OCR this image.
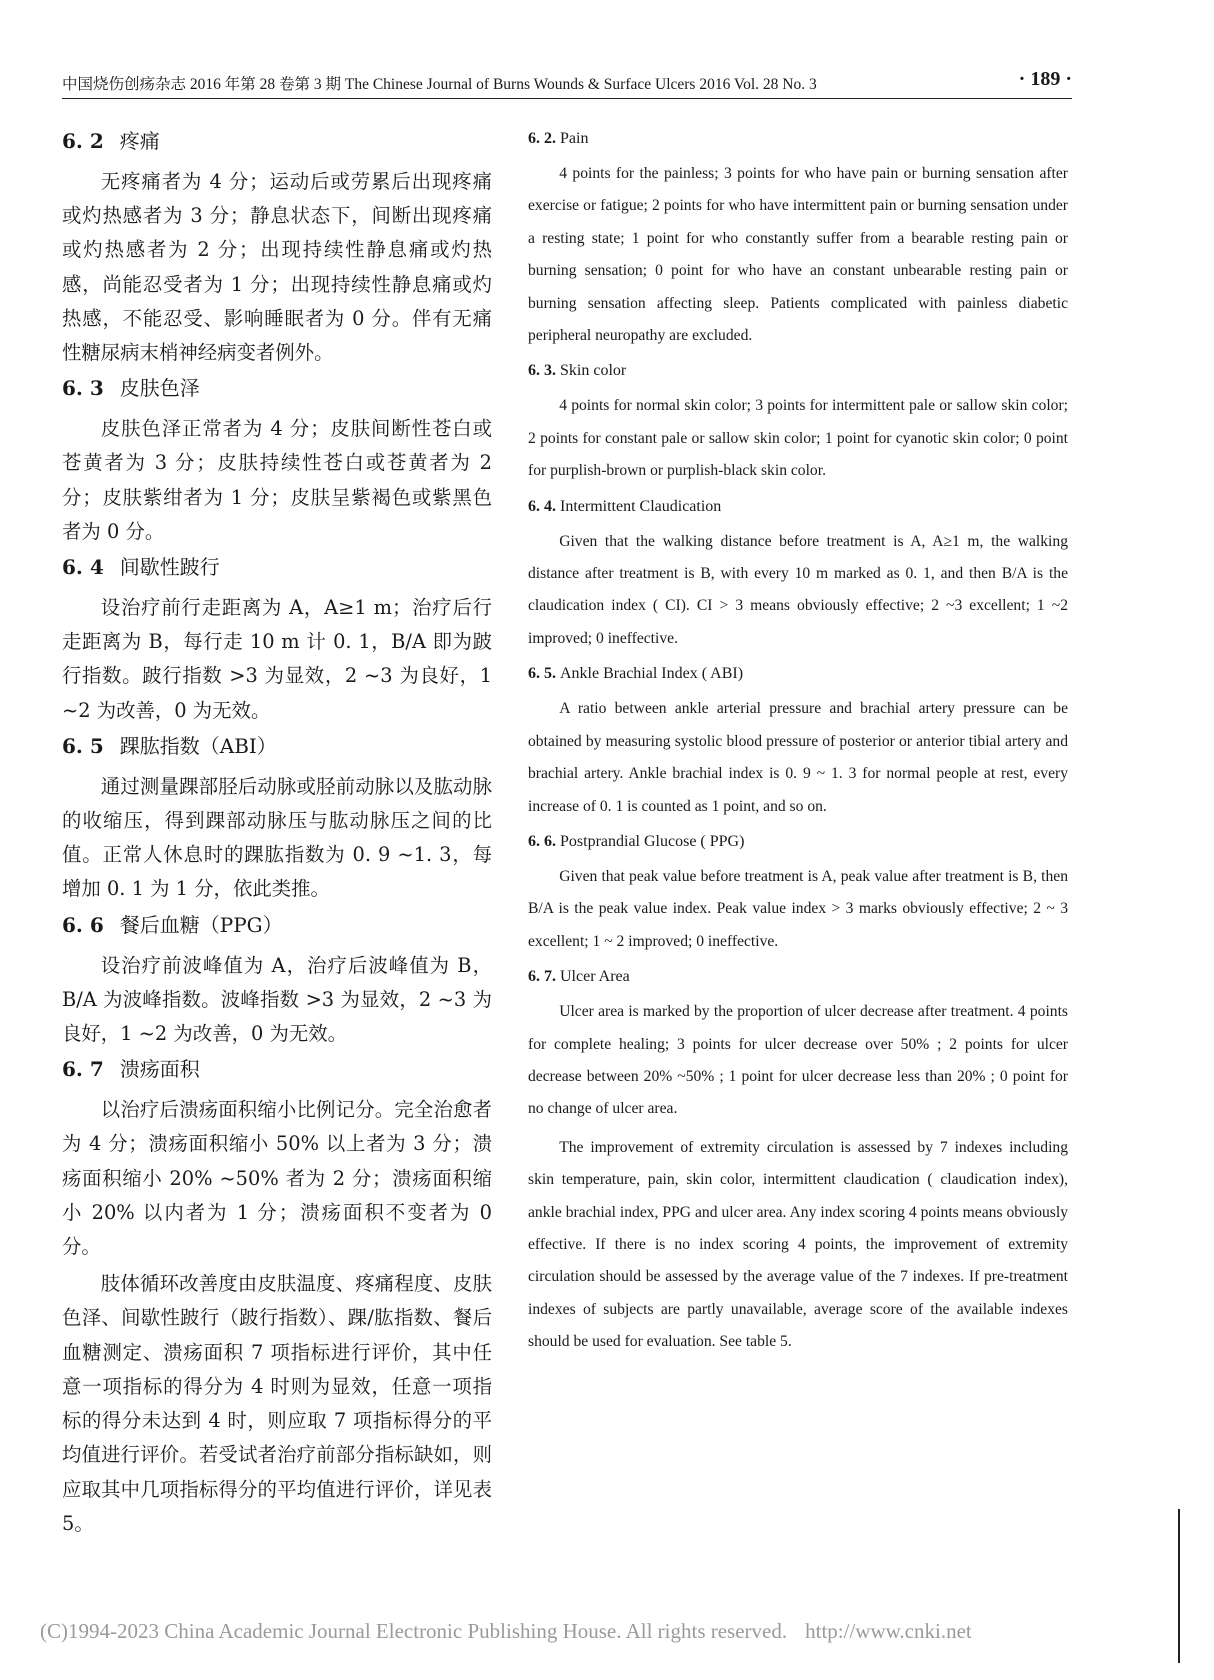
中国烧伤创疡杂志 2016 年第 28 卷第 3 期 The Chinese Journal of Burns Wounds & Surface Ulcers 2016 Vol. 28 No. 3	· 189 ·
6. 2 疼痛

无疼痛者为 4 分；运动后或劳累后出现疼痛或灼热感者为 3 分；静息状态下，间断出现疼痛或灼热感者为 2 分；出现持续性静息痛或灼热感，尚能忍受者为 1 分；出现持续性静息痛或灼热感，不能忍受、影响睡眠者为 0 分。伴有无痛性糖尿病末梢神经病变者例外。

6. 3 皮肤色泽

皮肤色泽正常者为 4 分；皮肤间断性苍白或苍黄者为 3 分；皮肤持续性苍白或苍黄者为 2 分；皮肤紫绀者为 1 分；皮肤呈紫褐色或紫黑色者为 0 分。

6. 4 间歇性跛行

设治疗前行走距离为 A，A≥1 m；治疗后行走距离为 B，每行走 10 m 计 0. 1，B/A 即为跛行指数。跛行指数 >3 为显效，2 ~3 为良好，1 ~2 为改善，0 为无效。

6. 5 踝肱指数（ABI）

通过测量踝部胫后动脉或胫前动脉以及肱动脉的收缩压，得到踝部动脉压与肱动脉压之间的比值。正常人休息时的踝肱指数为 0. 9 ~1. 3，每增加 0. 1 为 1 分，依此类推。

6. 6 餐后血糖（PPG）

设治疗前波峰值为 A，治疗后波峰值为 B，B/A 为波峰指数。波峰指数 >3 为显效，2 ~3 为良好，1 ~2 为改善，0 为无效。

6. 7 溃疡面积

以治疗后溃疡面积缩小比例记分。完全治愈者为 4 分；溃疡面积缩小 50% 以上者为 3 分；溃疡面积缩小 20% ~50% 者为 2 分；溃疡面积缩小 20% 以内者为 1 分；溃疡面积不变者为 0 分。

肢体循环改善度由皮肤温度、疼痛程度、皮肤色泽、间歇性跛行（跛行指数）、踝/肱指数、餐后血糖测定、溃疡面积 7 项指标进行评价，其中任意一项指标的得分为 4 时则为显效，任意一项指标的得分未达到 4 时，则应取 7 项指标得分的平均值进行评价。若受试者治疗前部分指标缺如，则应取其中几项指标得分的平均值进行评价，详见表 5。

6. 2. Pain

4 points for the painless; 3 points for who have pain or burning sensation after exercise or fatigue; 2 points for who have intermittent pain or burning sensation under a resting state; 1 point for who constantly suffer from a bearable resting pain or burning sensation; 0 point for who have an constant unbearable resting pain or burning sensation affecting sleep. Patients complicated with painless diabetic peripheral neuropathy are excluded.

6. 3. Skin color

4 points for normal skin color; 3 points for intermittent pale or sallow skin color; 2 points for constant pale or sallow skin color; 1 point for cyanotic skin color; 0 point for purplish-brown or purplish-black skin color.

6. 4. Intermittent Claudication

Given that the walking distance before treatment is A, A≥1 m, the walking distance after treatment is B, with every 10 m marked as 0. 1, and then B/A is the claudication index ( CI). CI > 3 means obviously effective; 2 ~3 excellent; 1 ~2 improved; 0 ineffective.

6. 5. Ankle Brachial Index ( ABI)

A ratio between ankle arterial pressure and brachial artery pressure can be obtained by measuring systolic blood pressure of posterior or anterior tibial artery and brachial artery. Ankle brachial index is 0. 9 ~ 1. 3 for normal people at rest, every increase of 0. 1 is counted as 1 point, and so on.

6. 6. Postprandial Glucose ( PPG)

Given that peak value before treatment is A, peak value after treatment is B, then B/A is the peak value index. Peak value index > 3 marks obviously effective; 2 ~ 3 excellent; 1 ~ 2 improved; 0 ineffective.

6. 7. Ulcer Area

Ulcer area is marked by the proportion of ulcer decrease after treatment. 4 points for complete healing; 3 points for ulcer decrease over 50% ; 2 points for ulcer decrease between 20% ~50% ; 1 point for ulcer decrease less than 20% ; 0 point for no change of ulcer area.

The improvement of extremity circulation is assessed by 7 indexes including skin temperature, pain, skin color, intermittent claudication ( claudication index), ankle brachial index, PPG and ulcer area. Any index scoring 4 points means obviously effective. If there is no index scoring 4 points, the improvement of extremity circulation should be assessed by the average value of the 7 indexes. If pre-treatment indexes of subjects are partly unavailable, average score of the available indexes should be used for evaluation. See table 5.

(C)1994-2023 China Academic Journal Electronic Publishing House. All rights reserved. http://www.cnki.net
